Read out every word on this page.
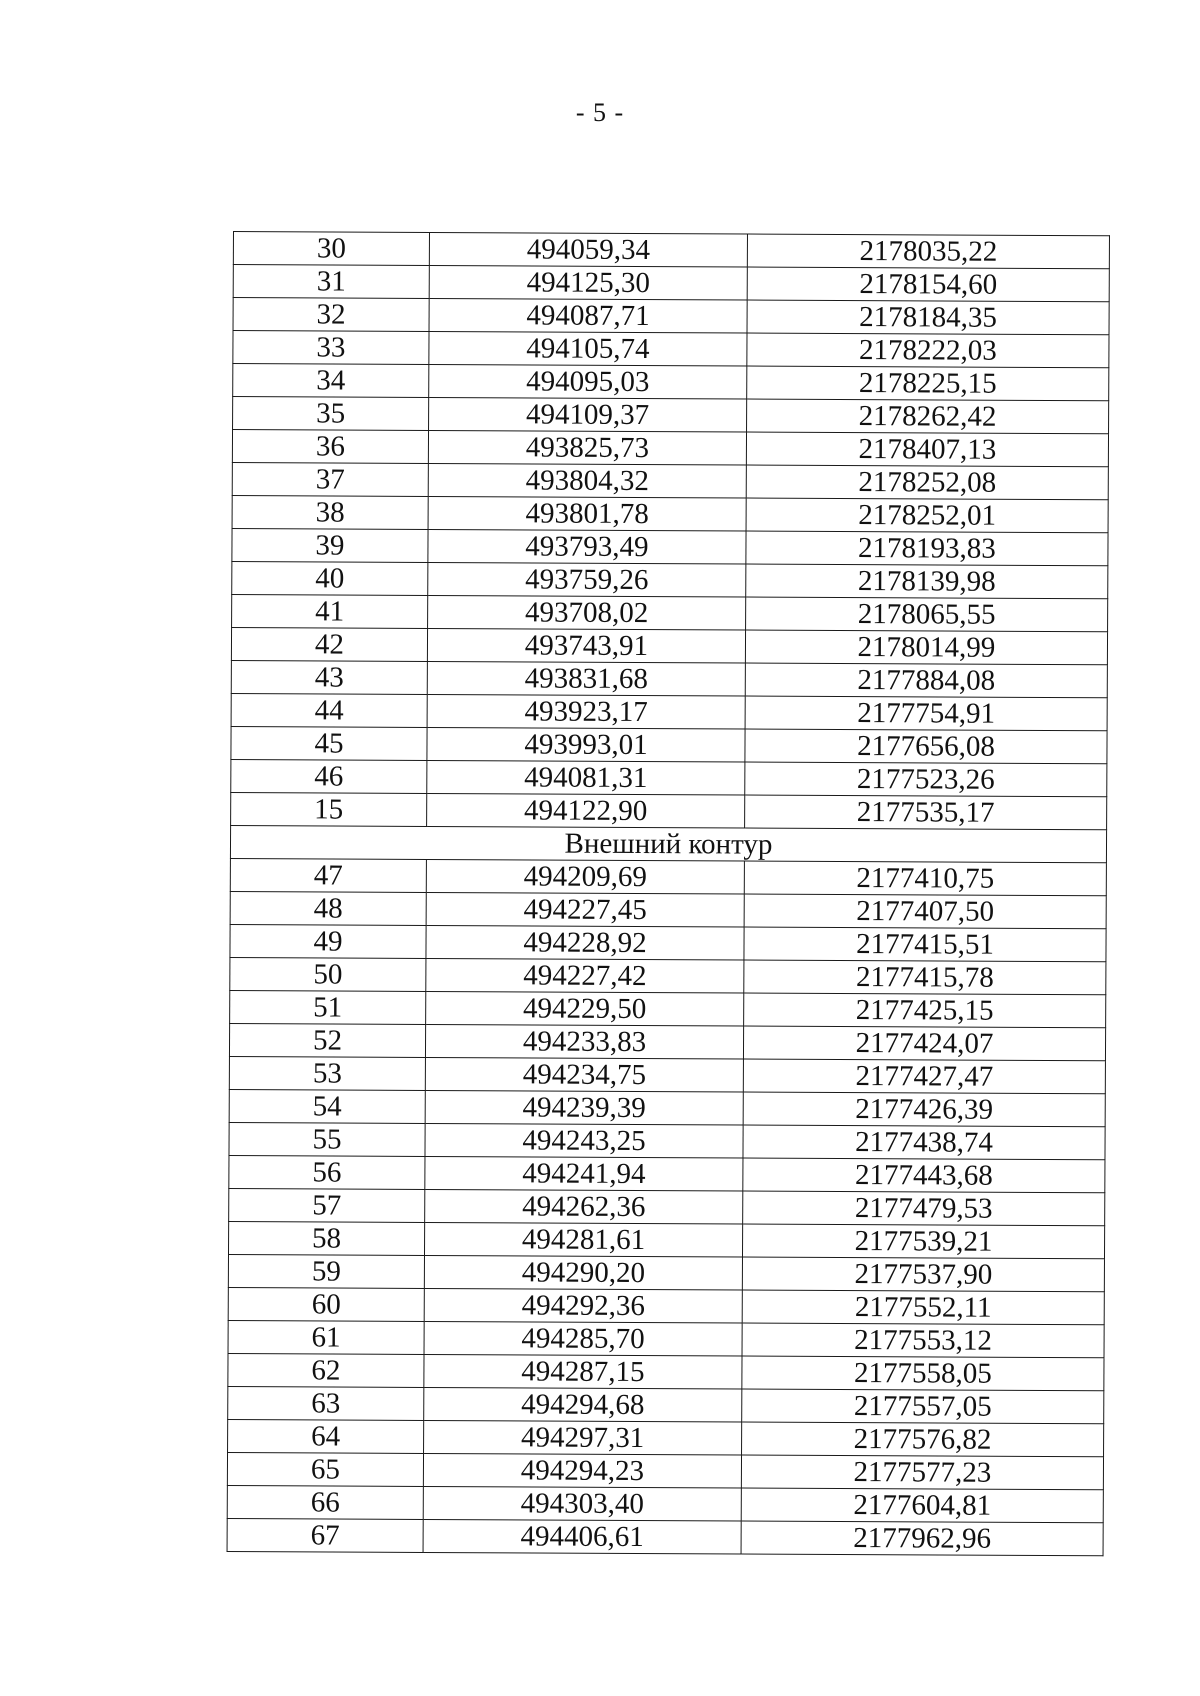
- 5 -
30	494059,34	2178035,22
31	494125,30	2178154,60
32	494087,71	2178184,35
33	494105,74	2178222,03
34	494095,03	2178225,15
35	494109,37	2178262,42
36	493825,73	2178407,13
37	493804,32	2178252,08
38	493801,78	2178252,01
39	493793,49	2178193,83
40	493759,26	2178139,98
41	493708,02	2178065,55
42	493743,91	2178014,99
43	493831,68	2177884,08
44	493923,17	2177754,91
45	493993,01	2177656,08
46	494081,31	2177523,26
15	494122,90	2177535,17
Внешний контур		
47	494209,69	2177410,75
48	494227,45	2177407,50
49	494228,92	2177415,51
50	494227,42	2177415,78
51	494229,50	2177425,15
52	494233,83	2177424,07
53	494234,75	2177427,47
54	494239,39	2177426,39
55	494243,25	2177438,74
56	494241,94	2177443,68
57	494262,36	2177479,53
58	494281,61	2177539,21
59	494290,20	2177537,90
60	494292,36	2177552,11
61	494285,70	2177553,12
62	494287,15	2177558,05
63	494294,68	2177557,05
64	494297,31	2177576,82
65	494294,23	2177577,23
66	494303,40	2177604,81
67	494406,61	2177962,96
